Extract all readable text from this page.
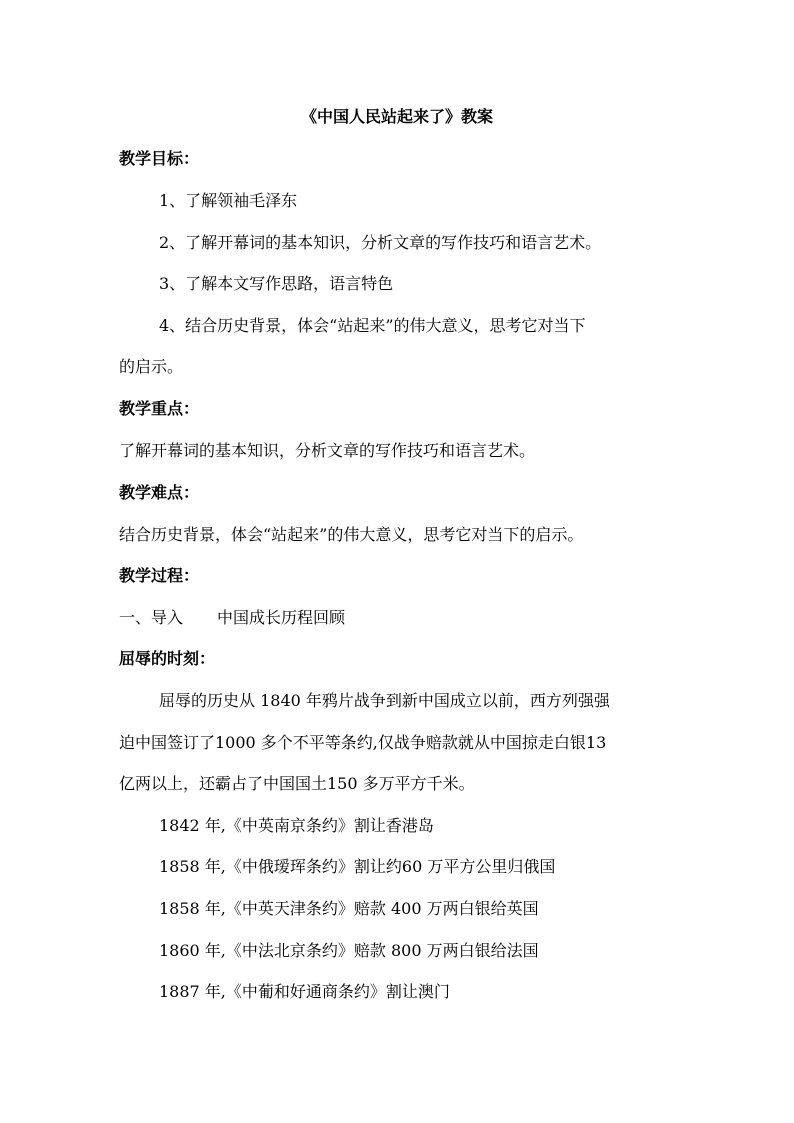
《中国人民站起来了》教案
教学目标：
1、了解领袖毛泽东
2、了解开幕词的基本知识，分析文章的写作技巧和语言艺术。
3、了解本文写作思路，语言特色
4、结合历史背景，体会“站起来”的伟大意义，思考它对当下
的启示。
教学重点：
了解开幕词的基本知识，分析文章的写作技巧和语言艺术。
教学难点：
结合历史背景，体会“站起来”的伟大意义，思考它对当下的启示。
教学过程：
一、导入 中国成长历程回顾
屈辱的时刻：
屈辱的历史从 1840 年鸦片战争到新中国成立以前，西方列强强
迫中国签订了1000 多个不平等条约,仅战争赔款就从中国掠走白银13
亿两以上，还霸占了中国国土150 多万平方千米。
1842 年,《中英南京条约》割让香港岛
1858 年,《中俄瑷珲条约》割让约60 万平方公里归俄国
1858 年,《中英天津条约》赔款 400 万两白银给英国
1860 年,《中法北京条约》赔款 800 万两白银给法国
1887 年,《中葡和好通商条约》割让澳门
